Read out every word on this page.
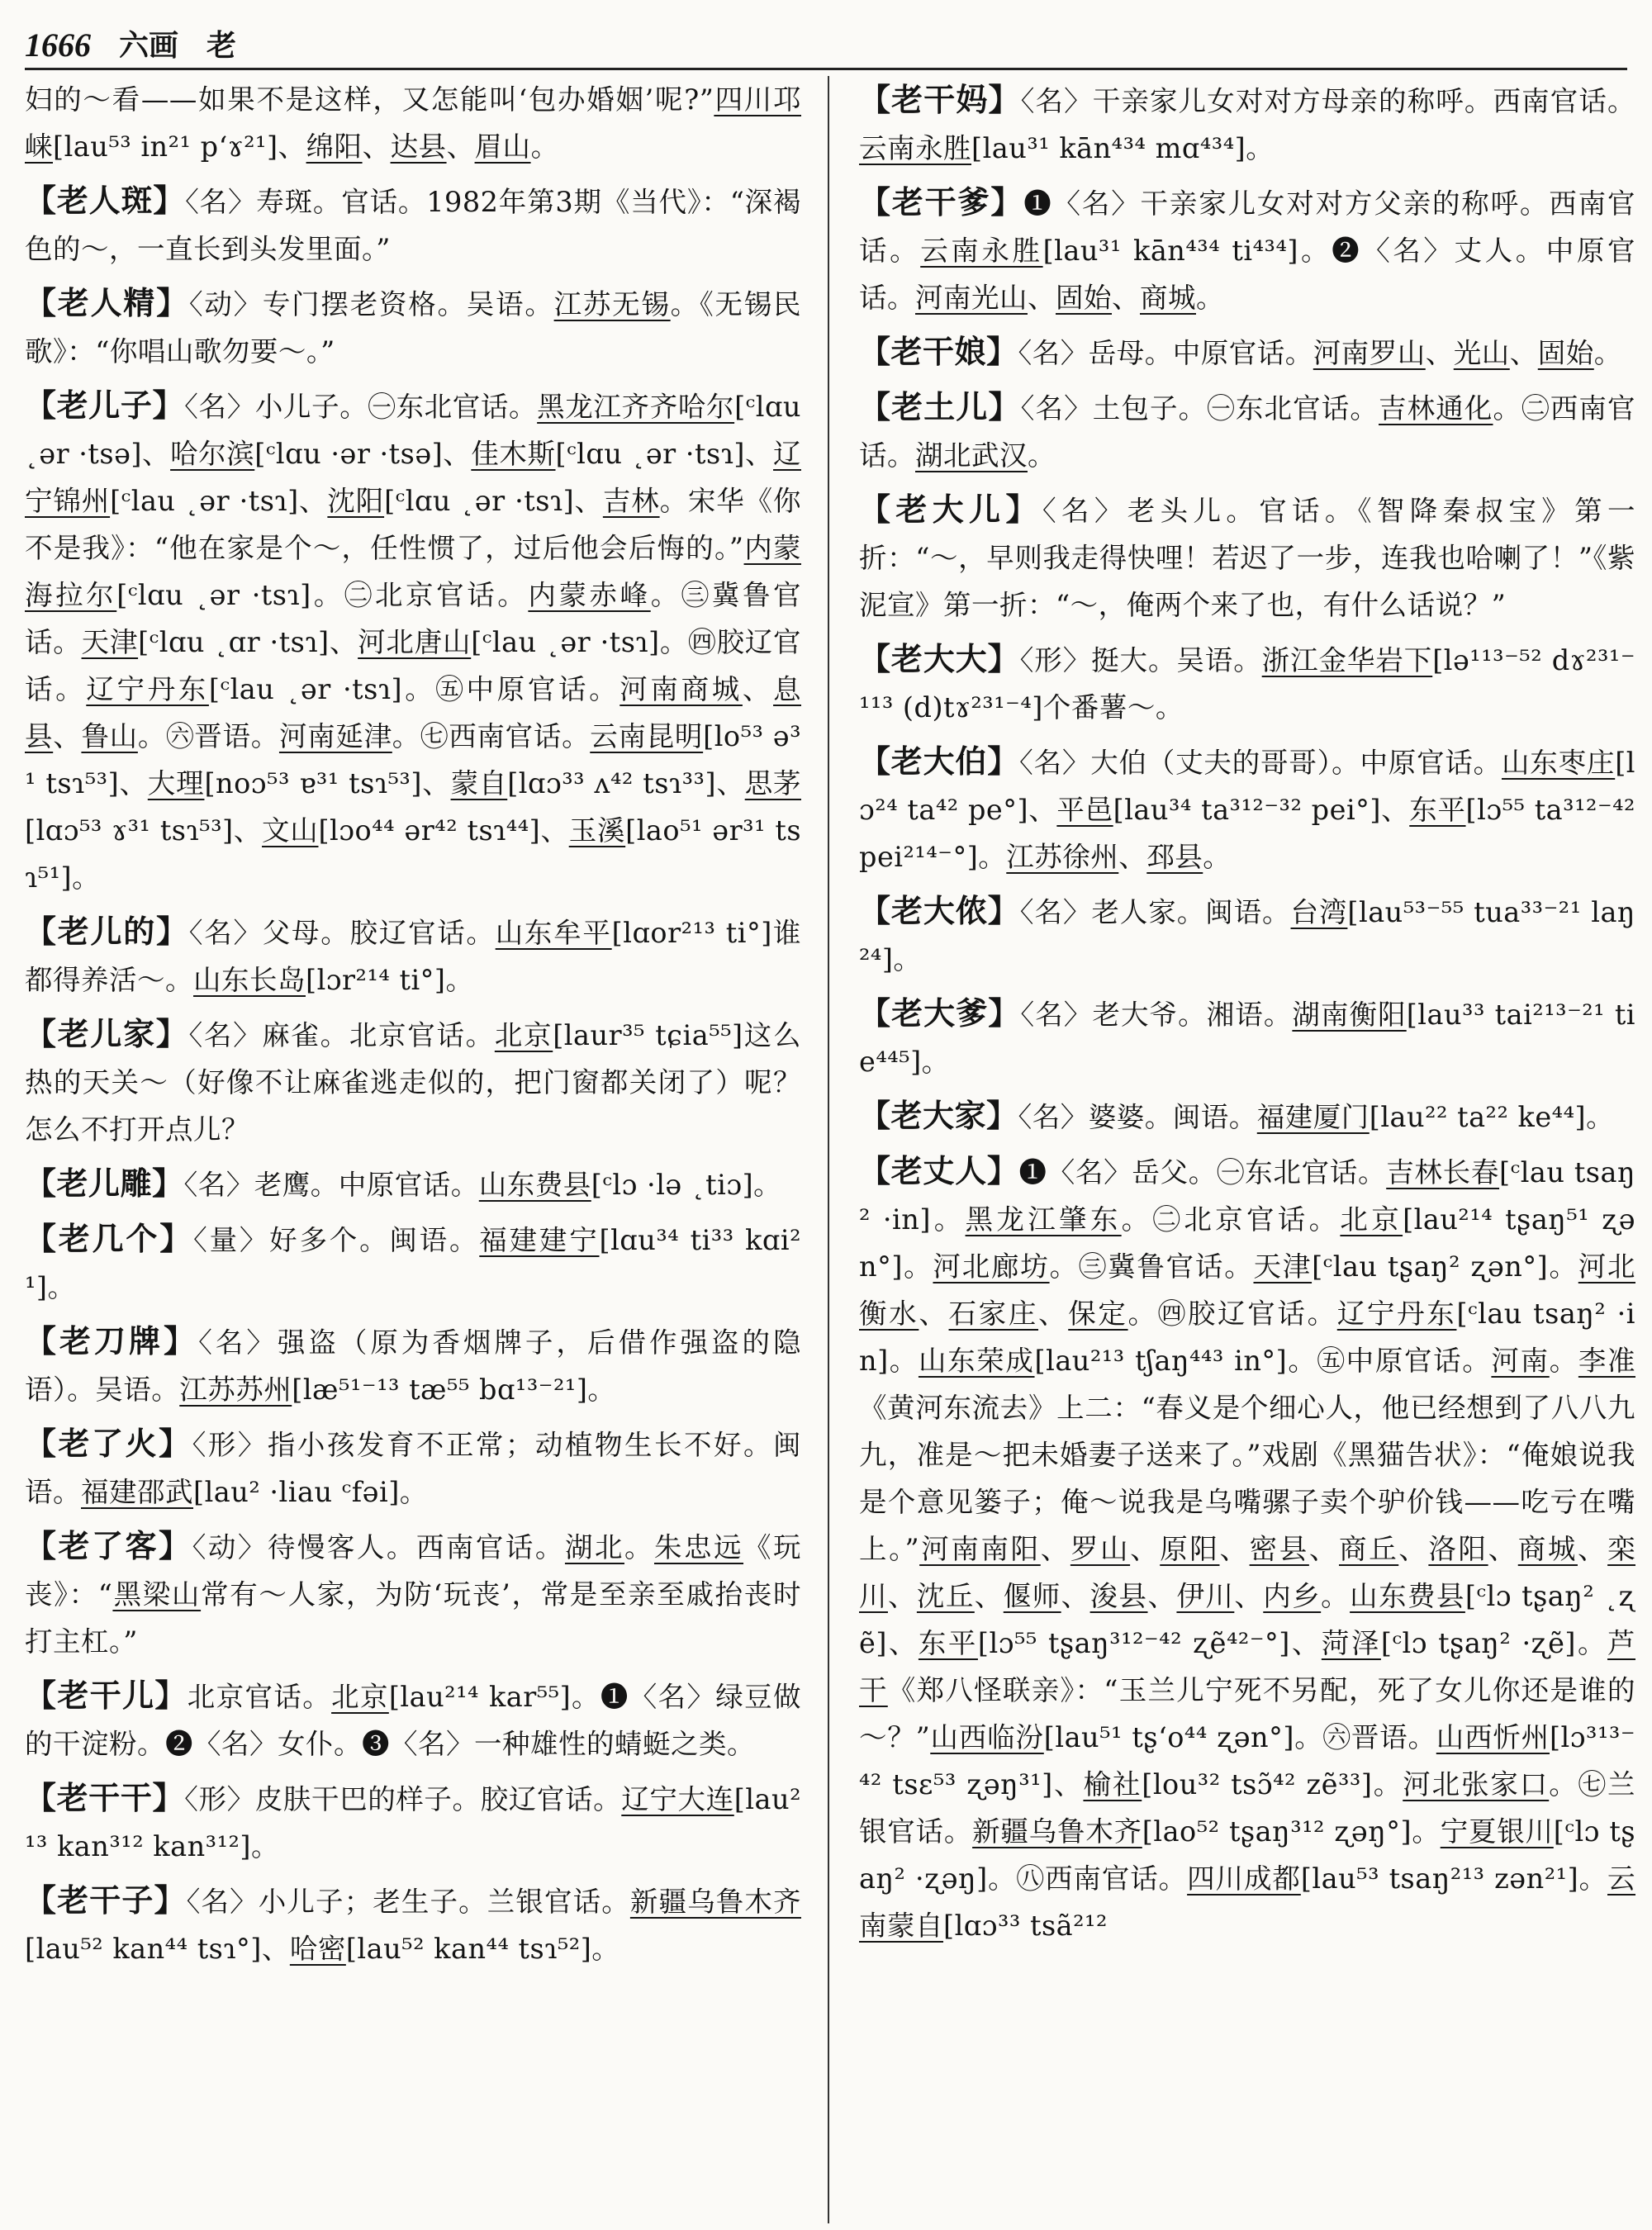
1666 六画 老

妇的～看——如果不是这样，又怎能叫‘包办婚姻’呢?”四川邛崃[lau⁵³ in²¹ p‘ɤ²¹]、绵阳、达县、眉山。

【老人斑】〈名〉寿斑。官话。1982年第3期《当代》：“深褐色的～，一直长到头发里面。”

【老人精】〈动〉专门摆老资格。吴语。江苏无锡。《无锡民歌》：“你唱山歌勿要～。”

【老儿子】〈名〉小儿子。㊀东北官话。黑龙江齐齐哈尔[ᶜlɑu ˛ər ·tsə]、哈尔滨[ᶜlɑu ·ər ·tsə]、佳木斯[ᶜlɑu ˛ər ·tsɿ]、辽宁锦州[ᶜlau ˛ər ·tsɿ]、沈阳[ᶜlɑu ˛ər ·tsɿ]、吉林。宋华《你不是我》：“他在家是个～，任性惯了，过后他会后悔的。”内蒙海拉尔[ᶜlɑu ˛ər ·tsɿ]。㊁北京官话。内蒙赤峰。㊂冀鲁官话。天津[ᶜlɑu ˛ɑr ·tsɿ]、河北唐山[ᶜlau ˛ər ·tsɿ]。㊃胶辽官话。辽宁丹东[ᶜlau ˛ər ·tsɿ]。㊄中原官话。河南商城、息县、鲁山。㊅晋语。河南延津。㊆西南官话。云南昆明[lo⁵³ ə³¹ tsɿ⁵³]、大理[noɔ⁵³ ɐ³¹ tsɿ⁵³]、蒙自[lɑɔ³³ ʌ⁴² tsɿ³³]、思茅[lɑɔ⁵³ ɤ³¹ tsɿ⁵³]、文山[lɔo⁴⁴ ər⁴² tsɿ⁴⁴]、玉溪[lao⁵¹ ər³¹ tsɿ⁵¹]。

【老儿的】〈名〉父母。胶辽官话。山东牟平[lɑor²¹³ ti°]谁都得养活～。山东长岛[lɔr²¹⁴ ti°]。

【老儿家】〈名〉麻雀。北京官话。北京[laur³⁵ tɕia⁵⁵]这么热的天关～（好像不让麻雀逃走似的，把门窗都关闭了）呢？怎么不打开点儿？

【老儿雕】〈名〉老鹰。中原官话。山东费县[ᶜlɔ ·lə ˛tiɔ]。

【老几个】〈量〉好多个。闽语。福建建宁[lɑu³⁴ ti³³ kɑi²¹]。

【老刀牌】〈名〉强盗（原为香烟牌子，后借作强盗的隐语）。吴语。江苏苏州[læ⁵¹⁻¹³ tæ⁵⁵ bɑ¹³⁻²¹]。

【老了火】〈形〉指小孩发育不正常；动植物生长不好。闽语。福建邵武[lau² ·liau ᶜfəi]。

【老了客】〈动〉待慢客人。西南官话。湖北。朱忠远《玩丧》：“黑梁山常有～人家，为防‘玩丧’，常是至亲至戚抬丧时打主杠。”

【老干儿】北京官话。北京[lau²¹⁴ kar⁵⁵]。❶〈名〉绿豆做的干淀粉。❷〈名〉女仆。❸〈名〉一种雄性的蜻蜓之类。

【老干干】〈形〉皮肤干巴的样子。胶辽官话。辽宁大连[lau²¹³ kan³¹² kan³¹²]。

【老干子】〈名〉小儿子；老生子。兰银官话。新疆乌鲁木齐[lau⁵² kan⁴⁴ tsɿ°]、哈密[lau⁵² kan⁴⁴ tsɿ⁵²]。

【老干妈】〈名〉干亲家儿女对对方母亲的称呼。西南官话。云南永胜[lau³¹ kān⁴³⁴ mɑ⁴³⁴]。

【老干爹】❶〈名〉干亲家儿女对对方父亲的称呼。西南官话。云南永胜[lau³¹ kān⁴³⁴ ti⁴³⁴]。❷〈名〉丈人。中原官话。河南光山、固始、商城。

【老干娘】〈名〉岳母。中原官话。河南罗山、光山、固始。

【老土儿】〈名〉土包子。㊀东北官话。吉林通化。㊁西南官话。湖北武汉。

【老大儿】〈名〉老头儿。官话。《智降秦叔宝》第一折：“～，早则我走得快哩！若迟了一步，连我也哈喇了！”《紫泥宣》第一折：“～，俺两个来了也，有什么话说？”

【老大大】〈形〉挺大。吴语。浙江金华岩下[lə¹¹³⁻⁵² dɤ²³¹⁻¹¹³ (d)tɤ²³¹⁻⁴]个番薯～。

【老大伯】〈名〉大伯（丈夫的哥哥）。中原官话。山东枣庄[lɔ²⁴ ta⁴² pe°]、平邑[lau³⁴ ta³¹²⁻³² pei°]、东平[lɔ⁵⁵ ta³¹²⁻⁴² pei²¹⁴⁻°]。江苏徐州、邳县。

【老大侬】〈名〉老人家。闽语。台湾[lau⁵³⁻⁵⁵ tua³³⁻²¹ laŋ²⁴]。

【老大爹】〈名〉老大爷。湘语。湖南衡阳[lau³³ tai²¹³⁻²¹ tie⁴⁴⁵]。

【老大家】〈名〉婆婆。闽语。福建厦门[lau²² ta²² ke⁴⁴]。

【老丈人】❶〈名〉岳父。㊀东北官话。吉林长春[ᶜlau tsaŋ² ·in]。黑龙江肇东。㊁北京官话。北京[lau²¹⁴ tʂaŋ⁵¹ ʐən°]。河北廊坊。㊂冀鲁官话。天津[ᶜlau tʂaŋ² ʐən°]。河北衡水、石家庄、保定。㊃胶辽官话。辽宁丹东[ᶜlau tsaŋ² ·in]。山东荣成[lau²¹³ tʃaŋ⁴⁴³ in°]。㊄中原官话。河南。李准《黄河东流去》上二：“春义是个细心人，他已经想到了八八九九，准是～把未婚妻子送来了。”戏剧《黑猫告状》：“俺娘说我是个意见篓子；俺～说我是乌嘴骡子卖个驴价钱——吃亏在嘴上。”河南南阳、罗山、原阳、密县、商丘、洛阳、商城、栾川、沈丘、偃师、浚县、伊川、内乡。山东费县[ᶜlɔ tʂaŋ² ˛ʐẽ]、东平[lɔ⁵⁵ tʂaŋ³¹²⁻⁴² ʐẽ⁴²⁻°]、菏泽[ᶜlɔ tʂaŋ² ·ʐẽ]。芦干《郑八怪联亲》：“玉兰儿宁死不另配，死了女儿你还是谁的～？”山西临汾[lau⁵¹ tʂ‘o⁴⁴ ʐən°]。㊅晋语。山西忻州[lɔ³¹³⁻⁴² tsɛ⁵³ ʐəŋ³¹]、榆社[lou³² tsɔ̃⁴² zẽ³³]。河北张家口。㊆兰银官话。新疆乌鲁木齐[lao⁵² tʂaŋ³¹² ʐəŋ°]。宁夏银川[ᶜlɔ tʂaŋ² ·ʐəŋ]。㊇西南官话。四川成都[lau⁵³ tsaŋ²¹³ zən²¹]。云南蒙自[lɑɔ³³ tsã²¹²
